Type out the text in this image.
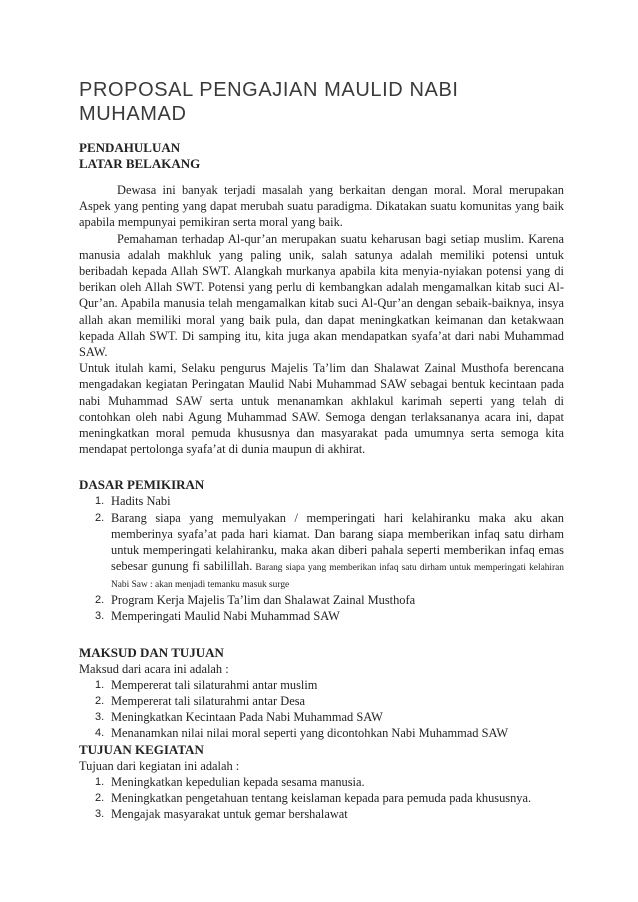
PROPOSAL PENGAJIAN MAULID NABI MUHAMAD
PENDAHULUAN
LATAR BELAKANG

Dewasa ini banyak terjadi masalah yang berkaitan dengan moral. Moral merupakan Aspek yang penting yang dapat merubah suatu paradigma. Dikatakan suatu komunitas yang baik apabila mempunyai pemikiran serta moral yang baik.

Pemahaman terhadap Al-qur’an merupakan suatu keharusan bagi setiap muslim. Karena manusia adalah makhluk yang paling unik, salah satunya adalah memiliki potensi untuk beribadah kepada Allah SWT. Alangkah murkanya apabila kita menyia-nyiakan potensi yang di berikan oleh Allah SWT. Potensi yang perlu di kembangkan adalah mengamalkan kitab suci Al-Qur’an. Apabila manusia telah mengamalkan kitab suci Al-Qur’an dengan sebaik-baiknya, insya allah akan memiliki moral yang baik pula, dan dapat meningkatkan keimanan dan ketakwaan kepada Allah SWT. Di samping itu, kita juga akan mendapatkan syafa’at dari nabi Muhammad SAW.

Untuk itulah kami, Selaku pengurus Majelis Ta’lim dan Shalawat Zainal Musthofa berencana mengadakan kegiatan Peringatan Maulid Nabi Muhammad SAW sebagai bentuk kecintaan pada nabi Muhammad SAW serta untuk menanamkan akhlakul karimah seperti yang telah di contohkan oleh nabi Agung Muhammad SAW. Semoga dengan terlaksananya acara ini, dapat meningkatkan moral pemuda khususnya dan masyarakat pada umumnya serta semoga kita mendapat pertolonga syafa’at di dunia maupun di akhirat.

DASAR PEMIKIRAN
1. Hadits Nabi
2. Barang siapa yang memulyakan / memperingati hari kelahiranku maka aku akan memberinya syafa’at pada hari kiamat. Dan barang siapa memberikan infaq satu dirham untuk memperingati kelahiranku, maka akan diberi pahala seperti memberikan infaq emas sebesar gunung fi sabilillah. Barang siapa yang memberikan infaq satu dirham untuk memperingati kelahiran Nabi Saw : akan menjadi temanku masuk surge
2. Program Kerja Majelis Ta’lim dan Shalawat Zainal Musthofa
3. Memperingati Maulid Nabi Muhammad SAW
MAKSUD DAN TUJUAN

Maksud dari acara ini adalah :

1. Mempererat tali silaturahmi antar muslim
2. Mempererat tali silaturahmi antar Desa
3. Meningkatkan Kecintaan Pada Nabi Muhammad SAW
4. Menanamkan nilai nilai moral seperti yang dicontohkan Nabi Muhammad SAW
TUJUAN KEGIATAN

Tujuan dari kegiatan ini adalah :

1. Meningkatkan kepedulian kepada sesama manusia.
2. Meningkatkan pengetahuan tentang keislaman kepada para pemuda pada khususnya.
3. Mengajak masyarakat untuk gemar bershalawat
